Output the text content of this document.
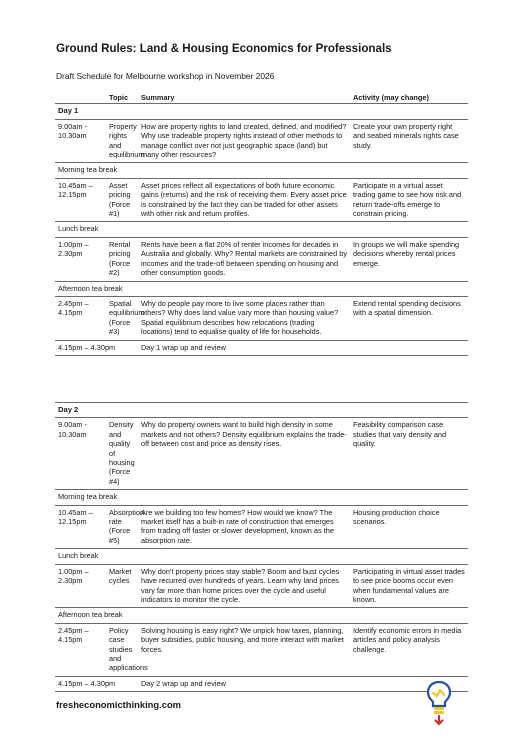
Ground Rules: Land & Housing Economics for Professionals
Draft Schedule for Melbourne workshop in November 2026
	Topic	Summary	Activity (may change)
Day 1			
9.00am - 10.30am	Property rights and equilibrium	How are property rights to land created, defined, and modified? Why use tradeable property rights instead of other methods to manage conflict over not just geographic space (land) but many other resources?	Create your own property right and seabed minerals rights case study.
Morning tea break			
10.45am – 12.15pm	Asset pricing (Force #1)	Asset prices reflect all expectations of both future economic gains (returns) and the risk of receiving them. Every asset price is constrained by the fact they can be traded for other assets with other risk and return profiles.	Participate in a virtual asset trading game to see how risk and return trade-offs emerge to constrain pricing.
Lunch break			
1.00pm – 2.30pm	Rental pricing (Force #2)	Rents have been a flat 20% of renter incomes for decades in Australia and globally. Why? Rental markets are constrained by incomes and the trade-off between spending on housing and other consumption goods.	In groups we will make spending decisions whereby rental prices emerge.
Afternoon tea break			
2.45pm – 4.15pm	Spatial equilibrium (Force #3)	Why do people pay more to live some places rather than others? Why does land value vary more than housing value? Spatial equilibrium describes how relocations (trading locations) tend to equalise quality of life for households.	Extend rental spending decisions with a spatial dimension.
4.15pm – 4.30pm		Day 1 wrap up and review	
Day 2			
9.00am - 10.30am	Density and quality of housing (Force #4)	Why do property owners want to build high density in some markets and not others? Density equilibrium explains the trade-off between cost and price as density rises.	Feasibility comparison case studies that vary density and quality.
Morning tea break			
10.45am – 12.15pm	Absorption rate (Force #5)	Are we building too few homes? How would we know? The market itself has a built-in rate of construction that emerges from trading off faster or slower development, known as the absorption rate.	Housing production choice scenarios.
Lunch break			
1.00pm – 2.30pm	Market cycles	Why don't property prices stay stable? Boom and bust cycles have recurred over hundreds of years. Learn why land prices vary far more than home prices over the cycle and useful indicators to monitor the cycle.	Participating in virtual asset trades to see price booms occur even when fundamental values are known.
Afternoon tea break			
2.45pm – 4.15pm	Policy case studies and applications	Solving housing is easy right? We unpick how taxes, planning, buyer subsidies, public housing, and more interact with market forces.	Identify economic errors in media articles and policy analysis challenge.
4.15pm – 4.30pm		Day 2 wrap up and review	
fresheconomicthinking.com
